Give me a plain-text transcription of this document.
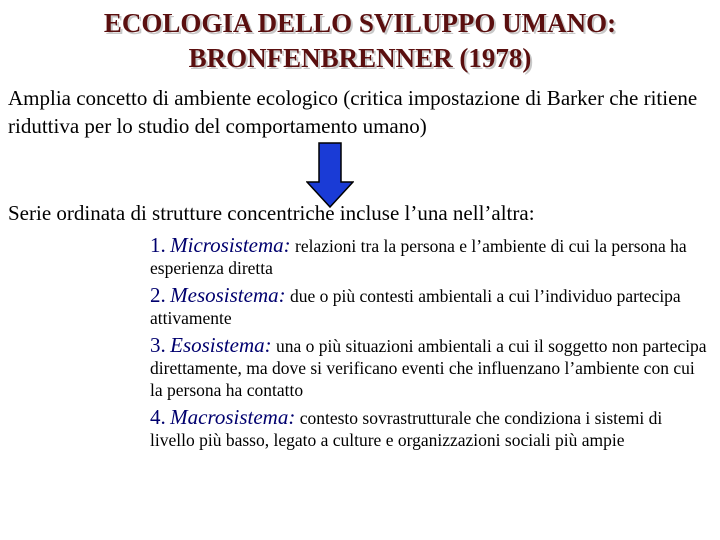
ECOLOGIA DELLO SVILUPPO UMANO:
BRONFENBRENNER (1978)
Amplia concetto di ambiente ecologico (critica impostazione di Barker che ritiene riduttiva per lo studio del comportamento umano)
Serie ordinata di strutture concentriche incluse l’una nell’altra:

1. Microsistema: relazioni tra la persona e l’ambiente di cui la persona ha esperienza diretta

2. Mesosistema: due o più contesti ambientali a cui l’individuo partecipa attivamente

3. Esosistema: una o più situazioni ambientali a cui il soggetto non partecipa direttamente, ma dove si verificano eventi che influenzano l’ambiente con cui la persona ha contatto

4. Macrosistema: contesto sovrastrutturale che condiziona i sistemi di livello più basso, legato a culture e organizzazioni sociali più ampie
